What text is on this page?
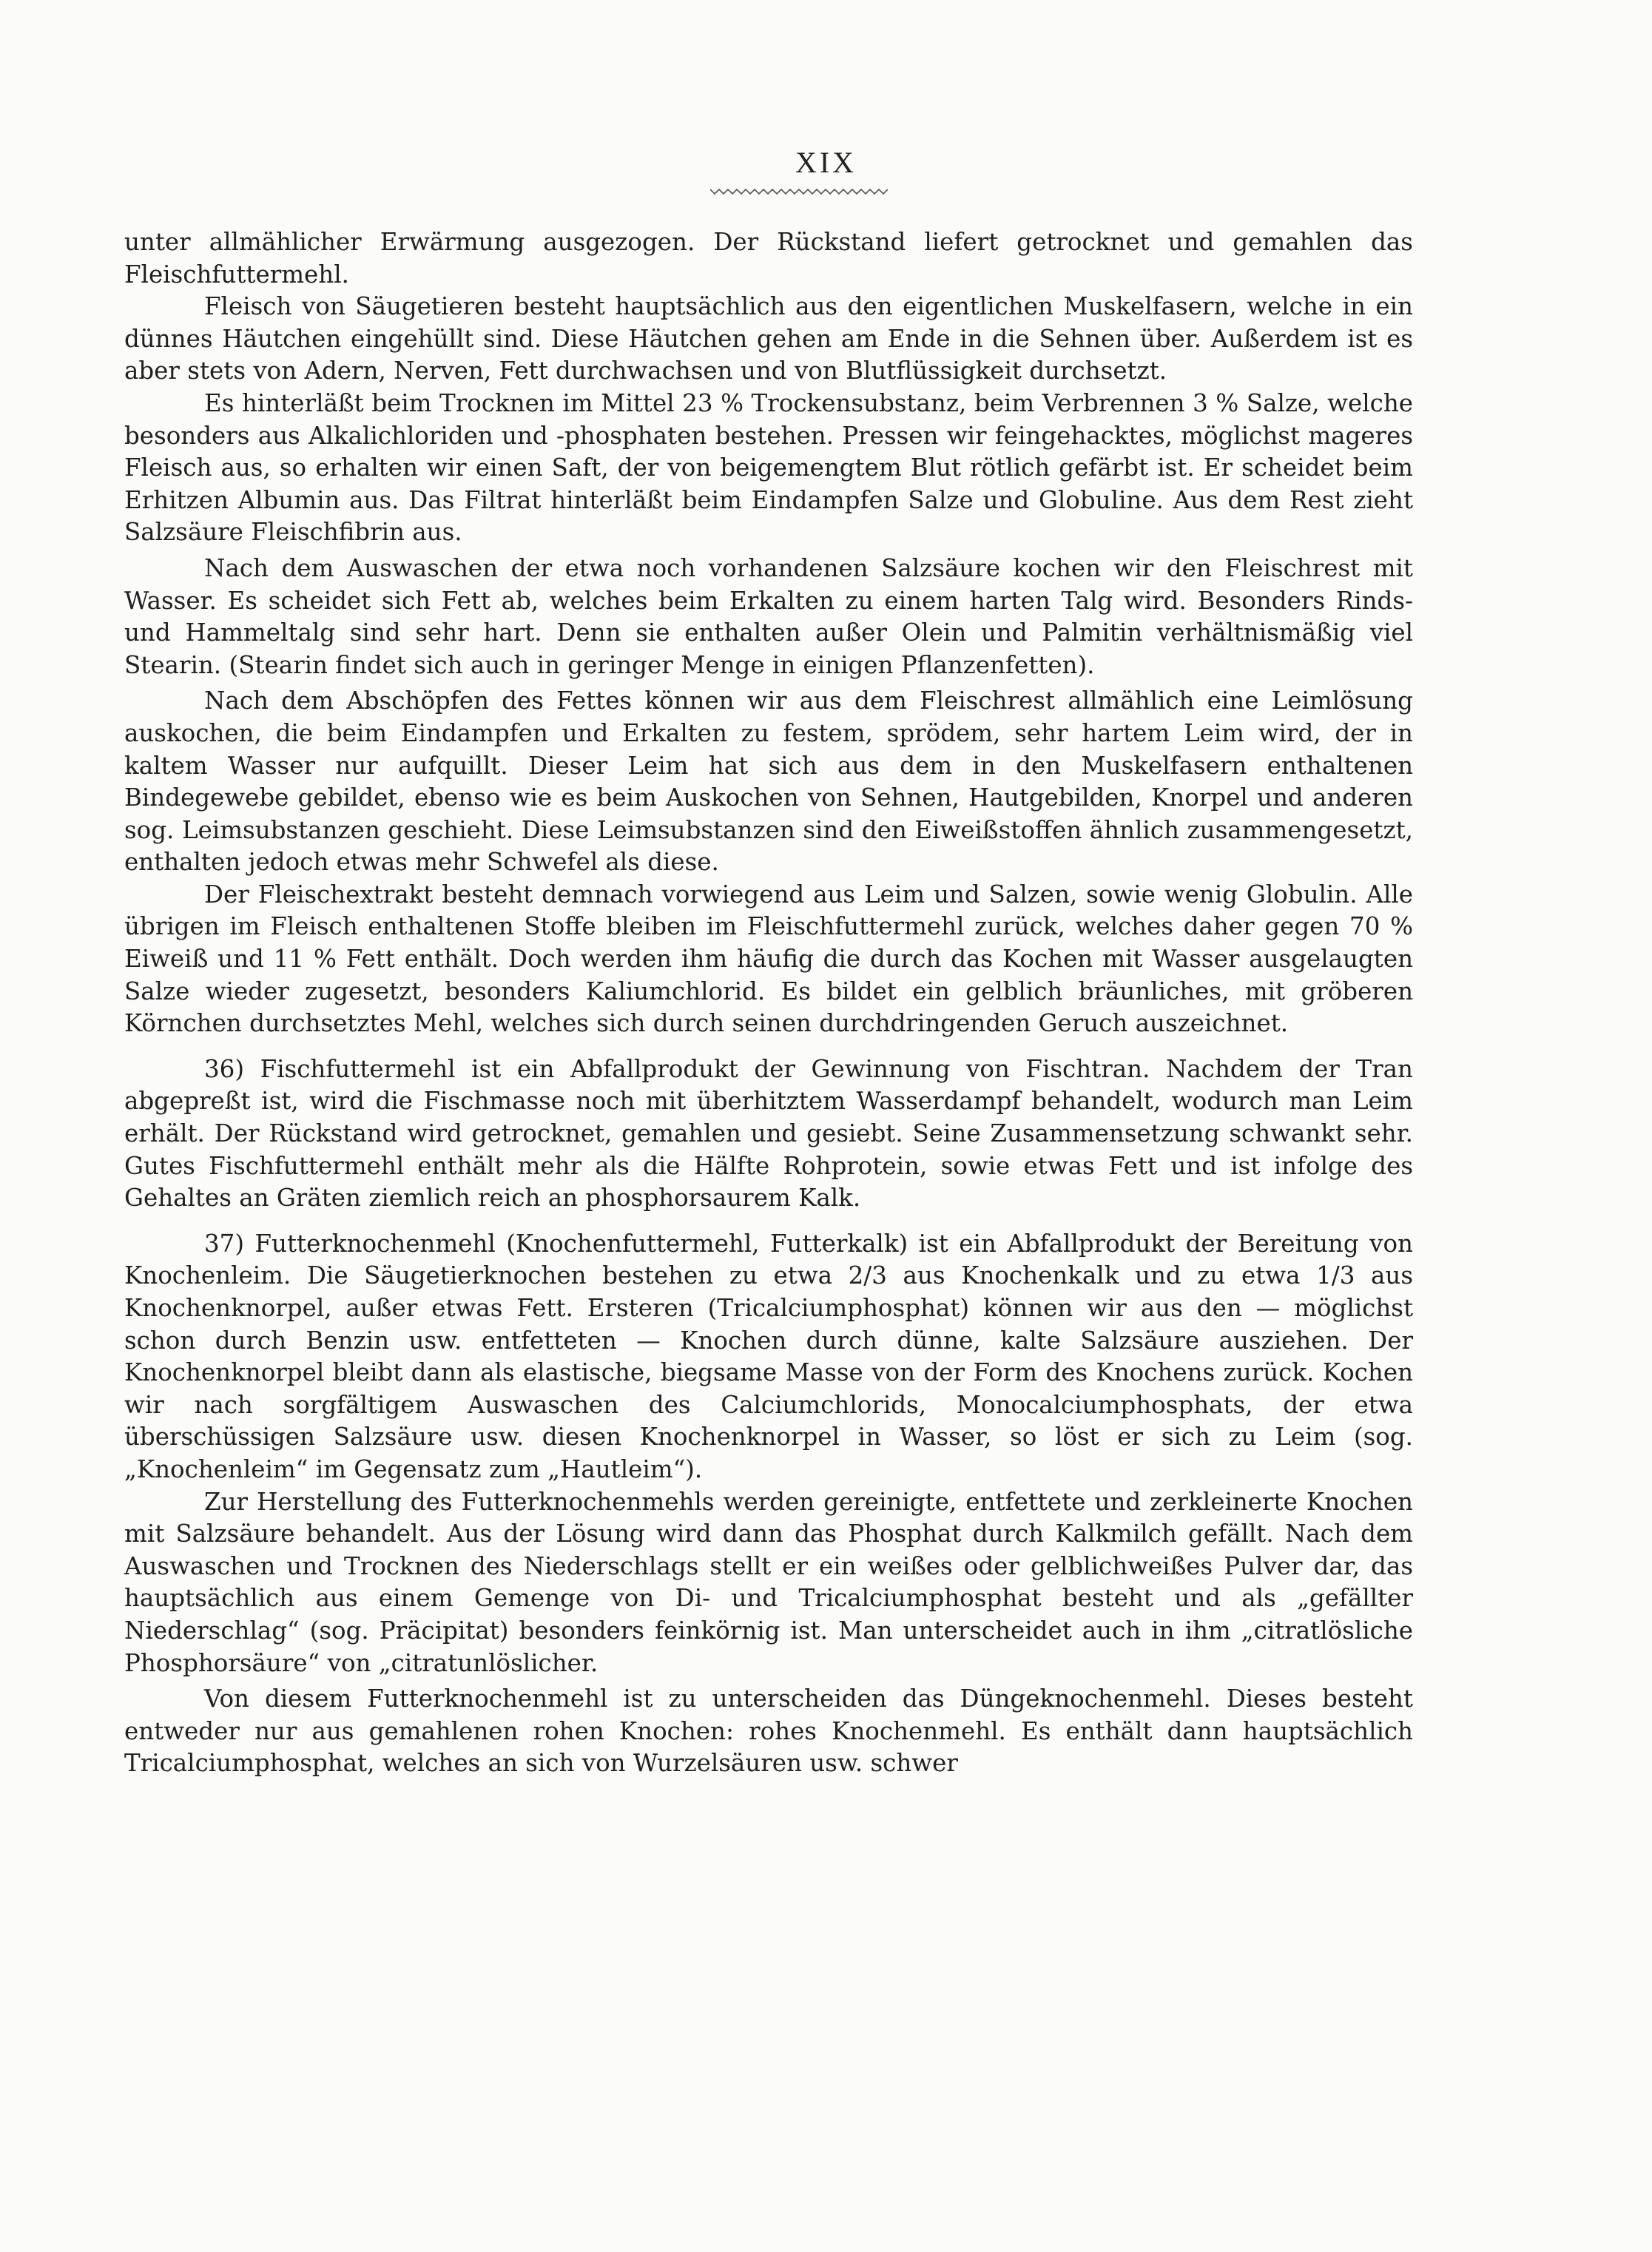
XIX

unter allmählicher Erwärmung ausgezogen. Der Rückstand liefert getrocknet und gemahlen das Fleischfuttermehl.

Fleisch von Säugetieren besteht hauptsächlich aus den eigentlichen Muskelfasern, welche in ein dünnes Häutchen eingehüllt sind. Diese Häutchen gehen am Ende in die Sehnen über. Außerdem ist es aber stets von Adern, Nerven, Fett durchwachsen und von Blutflüssigkeit durchsetzt.

Es hinterläßt beim Trocknen im Mittel 23 % Trockensubstanz, beim Verbrennen 3 % Salze, welche besonders aus Alkalichloriden und -phosphaten bestehen. Pressen wir feingehacktes, möglichst mageres Fleisch aus, so erhalten wir einen Saft, der von beigemengtem Blut rötlich gefärbt ist. Er scheidet beim Erhitzen Albumin aus. Das Filtrat hinterläßt beim Eindampfen Salze und Globuline. Aus dem Rest zieht Salzsäure Fleischfibrin aus.

Nach dem Auswaschen der etwa noch vorhandenen Salzsäure kochen wir den Fleischrest mit Wasser. Es scheidet sich Fett ab, welches beim Erkalten zu einem harten Talg wird. Besonders Rinds- und Hammeltalg sind sehr hart. Denn sie enthalten außer Olein und Palmitin verhältnismäßig viel Stearin. (Stearin findet sich auch in geringer Menge in einigen Pflanzenfetten).

Nach dem Abschöpfen des Fettes können wir aus dem Fleischrest allmählich eine Leimlösung auskochen, die beim Eindampfen und Erkalten zu festem, sprödem, sehr hartem Leim wird, der in kaltem Wasser nur aufquillt. Dieser Leim hat sich aus dem in den Muskelfasern enthaltenen Bindegewebe gebildet, ebenso wie es beim Auskochen von Sehnen, Hautgebilden, Knorpel und anderen sog. Leimsubstanzen geschieht. Diese Leimsubstanzen sind den Eiweißstoffen ähnlich zusammengesetzt, enthalten jedoch etwas mehr Schwefel als diese.

Der Fleischextrakt besteht demnach vorwiegend aus Leim und Salzen, sowie wenig Globulin. Alle übrigen im Fleisch enthaltenen Stoffe bleiben im Fleischfuttermehl zurück, welches daher gegen 70 % Eiweiß und 11 % Fett enthält. Doch werden ihm häufig die durch das Kochen mit Wasser ausgelaugten Salze wieder zugesetzt, besonders Kaliumchlorid. Es bildet ein gelblich bräunliches, mit gröberen Körnchen durchsetztes Mehl, welches sich durch seinen durchdringenden Geruch auszeichnet.

36) Fischfuttermehl ist ein Abfallprodukt der Gewinnung von Fischtran. Nachdem der Tran abgepreßt ist, wird die Fischmasse noch mit überhitztem Wasserdampf behandelt, wodurch man Leim erhält. Der Rückstand wird getrocknet, gemahlen und gesiebt. Seine Zusammensetzung schwankt sehr. Gutes Fischfuttermehl enthält mehr als die Hälfte Rohprotein, sowie etwas Fett und ist infolge des Gehaltes an Gräten ziemlich reich an phosphorsaurem Kalk.

37) Futterknochenmehl (Knochenfuttermehl, Futterkalk) ist ein Abfallprodukt der Bereitung von Knochenleim. Die Säugetierknochen bestehen zu etwa 2/3 aus Knochenkalk und zu etwa 1/3 aus Knochenknorpel, außer etwas Fett. Ersteren (Tricalciumphosphat) können wir aus den — möglichst schon durch Benzin usw. entfetteten — Knochen durch dünne, kalte Salzsäure ausziehen. Der Knochenknorpel bleibt dann als elastische, biegsame Masse von der Form des Knochens zurück. Kochen wir nach sorgfältigem Auswaschen des Calciumchlorids, Monocalciumphosphats, der etwa überschüssigen Salzsäure usw. diesen Knochenknorpel in Wasser, so löst er sich zu Leim (sog. „Knochenleim“ im Gegensatz zum „Hautleim“).

Zur Herstellung des Futterknochenmehls werden gereinigte, entfettete und zerkleinerte Knochen mit Salzsäure behandelt. Aus der Lösung wird dann das Phosphat durch Kalkmilch gefällt. Nach dem Auswaschen und Trocknen des Niederschlags stellt er ein weißes oder gelblichweißes Pulver dar, das hauptsächlich aus einem Gemenge von Di- und Tricalciumphosphat besteht und als „gefällter Niederschlag“ (sog. Präcipitat) besonders feinkörnig ist. Man unterscheidet auch in ihm „citratlösliche Phosphorsäure“ von „citratunlöslicher.

Von diesem Futterknochenmehl ist zu unterscheiden das Düngeknochenmehl. Dieses besteht entweder nur aus gemahlenen rohen Knochen: rohes Knochenmehl. Es enthält dann hauptsächlich Tricalciumphosphat, welches an sich von Wurzelsäuren usw. schwer
